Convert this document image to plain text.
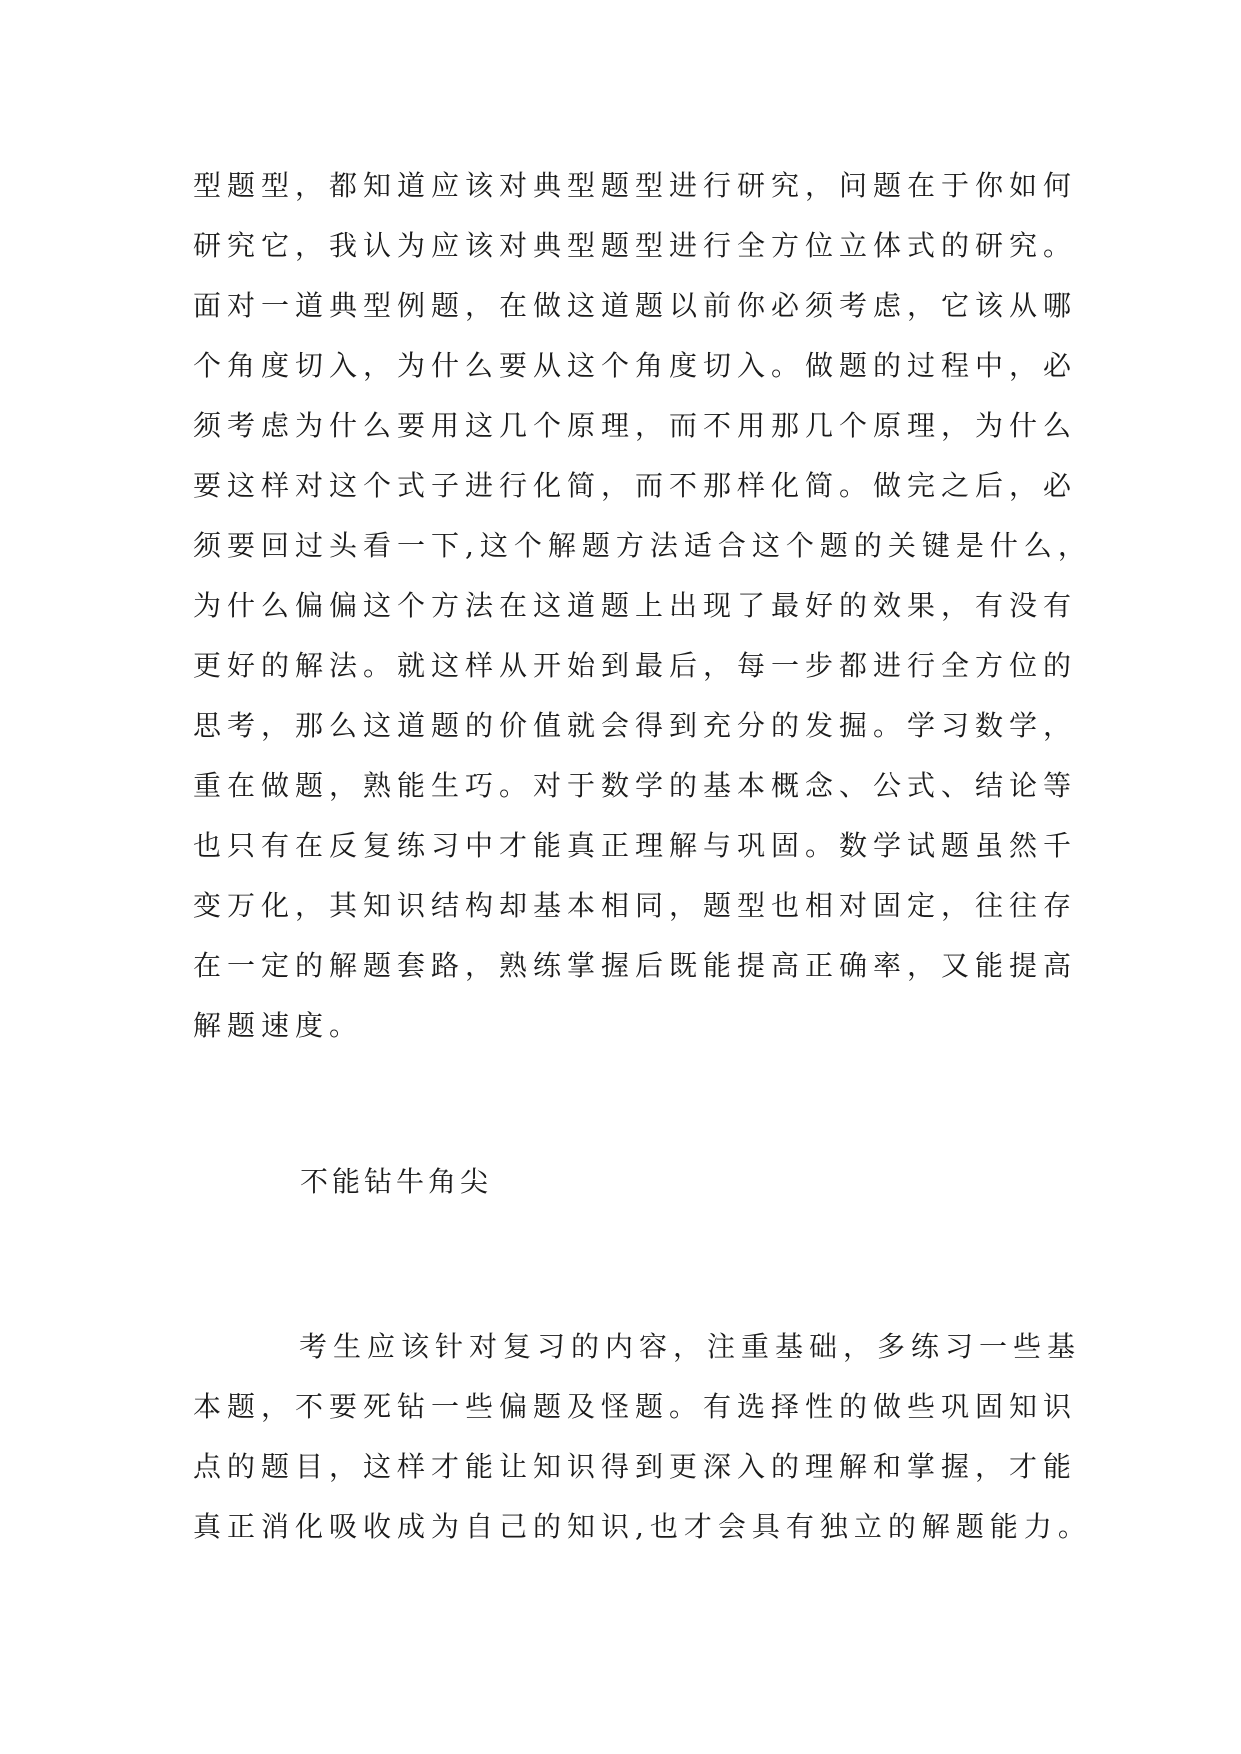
型题型，都知道应该对典型题型进行研究，问题在于你如何
研究它，我认为应该对典型题型进行全方位立体式的研究。
面对一道典型例题，在做这道题以前你必须考虑，它该从哪
个角度切入，为什么要从这个角度切入。做题的过程中，必
须考虑为什么要用这几个原理，而不用那几个原理，为什么
要这样对这个式子进行化简，而不那样化简。做完之后，必
须要回过头看一下,这个解题方法适合这个题的关键是什么，
为什么偏偏这个方法在这道题上出现了最好的效果，有没有
更好的解法。就这样从开始到最后，每一步都进行全方位的
思考，那么这道题的价值就会得到充分的发掘。学习数学，
重在做题，熟能生巧。对于数学的基本概念、公式、结论等
也只有在反复练习中才能真正理解与巩固。数学试题虽然千
变万化，其知识结构却基本相同，题型也相对固定，往往存
在一定的解题套路，熟练掌握后既能提高正确率，又能提高
解题速度。
不能钻牛角尖
考生应该针对复习的内容，注重基础，多练习一些基
本题，不要死钻一些偏题及怪题。有选择性的做些巩固知识
点的题目，这样才能让知识得到更深入的理解和掌握，才能
真正消化吸收成为自己的知识,也才会具有独立的解题能力。
